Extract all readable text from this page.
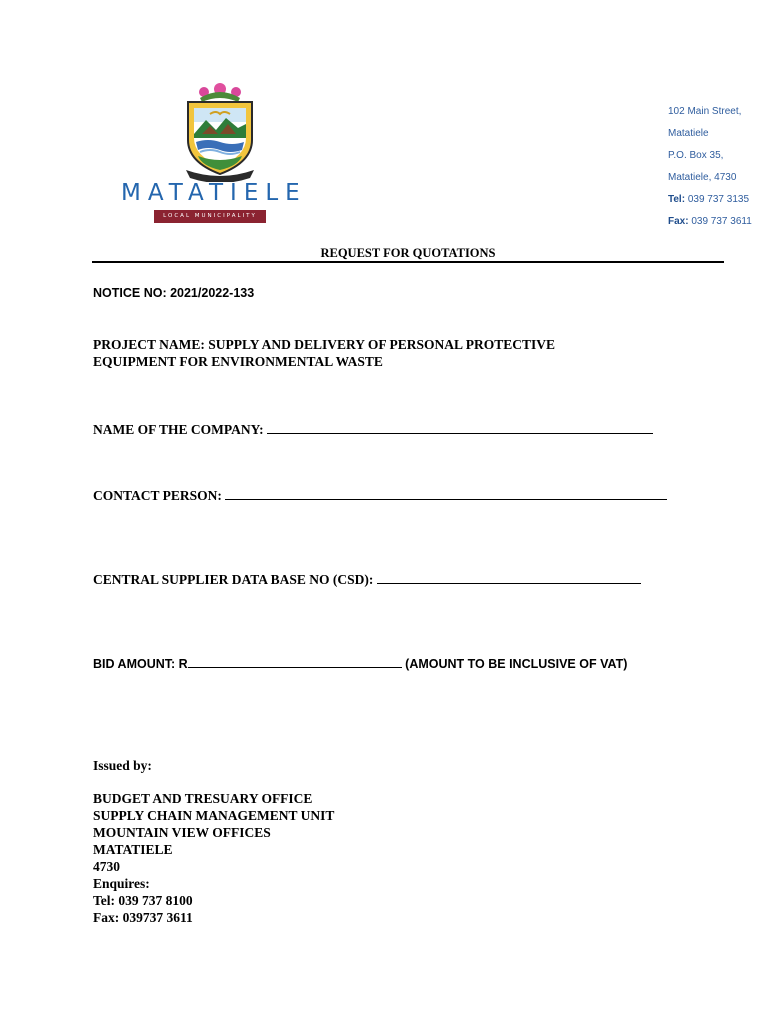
MATATIELE
LOCAL MUNICIPALITY
102 Main Street,
Matatiele
P.O. Box 35,
Matatiele, 4730
Tel: 039 737 3135
Fax: 039 737 3611
REQUEST FOR QUOTATIONS
NOTICE NO: 2021/2022-133
PROJECT NAME: SUPPLY AND DELIVERY OF PERSONAL PROTECTIVE
EQUIPMENT FOR ENVIRONMENTAL WASTE
NAME OF THE COMPANY:
CONTACT PERSON:
CENTRAL SUPPLIER DATA BASE NO (CSD):
BID AMOUNT: R	(AMOUNT TO BE INCLUSIVE OF VAT)
Issued by:
BUDGET AND TRESUARY OFFICE
SUPPLY CHAIN MANAGEMENT UNIT
MOUNTAIN VIEW OFFICES
MATATIELE
4730
Enquires:
Tel: 039 737 8100
Fax: 039737 3611
